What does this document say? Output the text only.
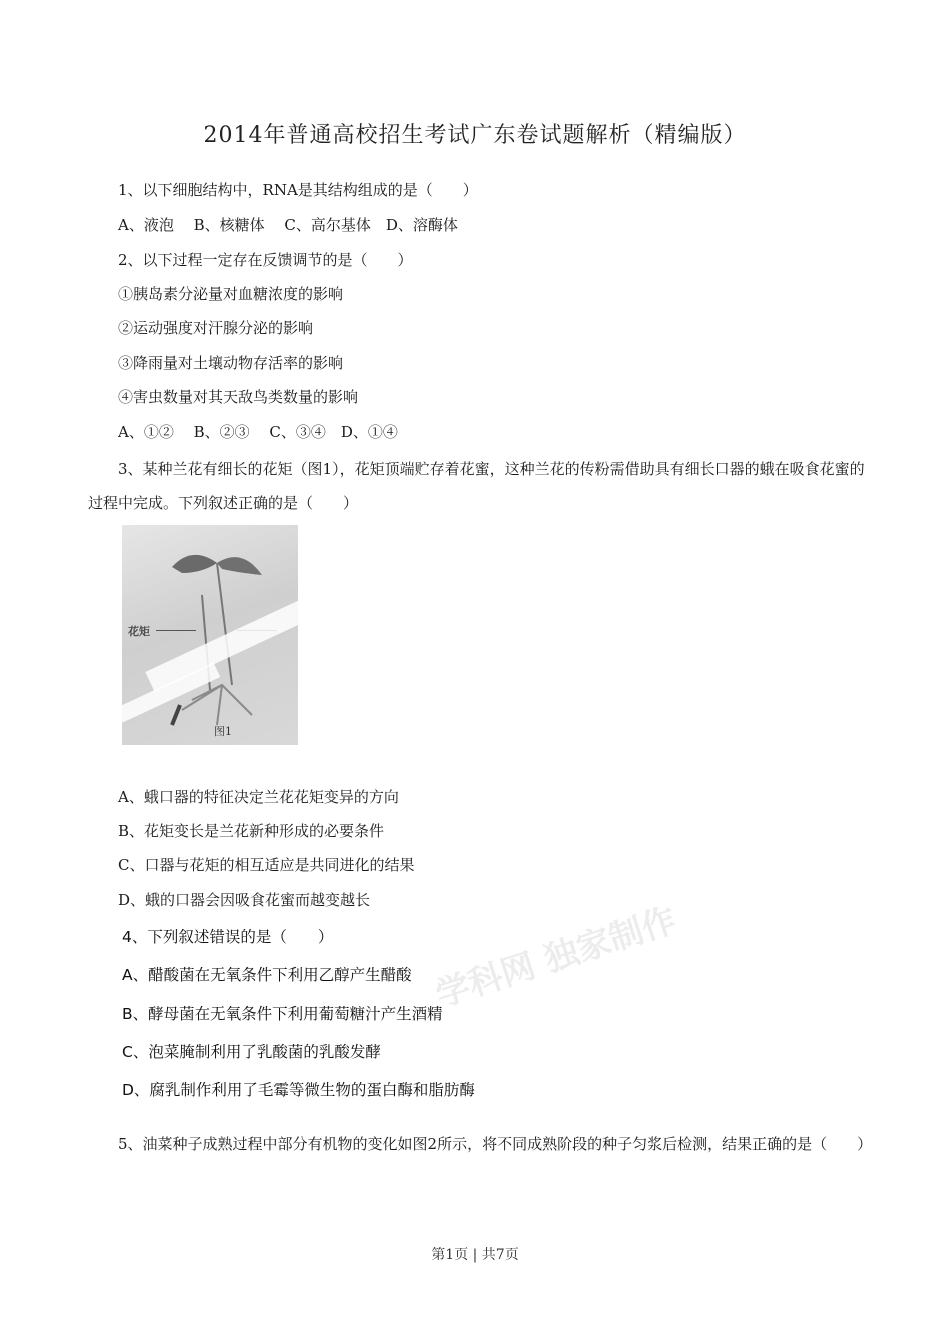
2014年普通高校招生考试广东卷试题解析（精编版）
1、以下细胞结构中，RNA是其结构组成的是（　　）
A、液泡　 B、核糖体　 C、高尔基体　D、溶酶体
2、以下过程一定存在反馈调节的是（　　）
①胰岛素分泌量对血糖浓度的影响
②运动强度对汗腺分泌的影响
③降雨量对土壤动物存活率的影响
④害虫数量对其天敌鸟类数量的影响
A、①②　 B、②③　 C、③④　D、①④
3、某种兰花有细长的花矩（图1），花矩顶端贮存着花蜜，这种兰花的传粉需借助具有细长口器的蛾在吸食花蜜的过程中完成。下列叙述正确的是（　　）
花矩
图1
A、蛾口器的特征决定兰花花矩变异的方向
B、花矩变长是兰花新种形成的必要条件
C、口器与花矩的相互适应是共同进化的结果
D、蛾的口器会因吸食花蜜而越变越长
学科网 独家制作
4、下列叙述错误的是（　　）
A、醋酸菌在无氧条件下利用乙醇产生醋酸
B、酵母菌在无氧条件下利用葡萄糖汁产生酒精
C、泡菜腌制利用了乳酸菌的乳酸发酵
D、腐乳制作利用了毛霉等微生物的蛋白酶和脂肪酶
5、油菜种子成熟过程中部分有机物的变化如图2所示，将不同成熟阶段的种子匀浆后检测，结果正确的是（　　）
第1页 | 共7页
